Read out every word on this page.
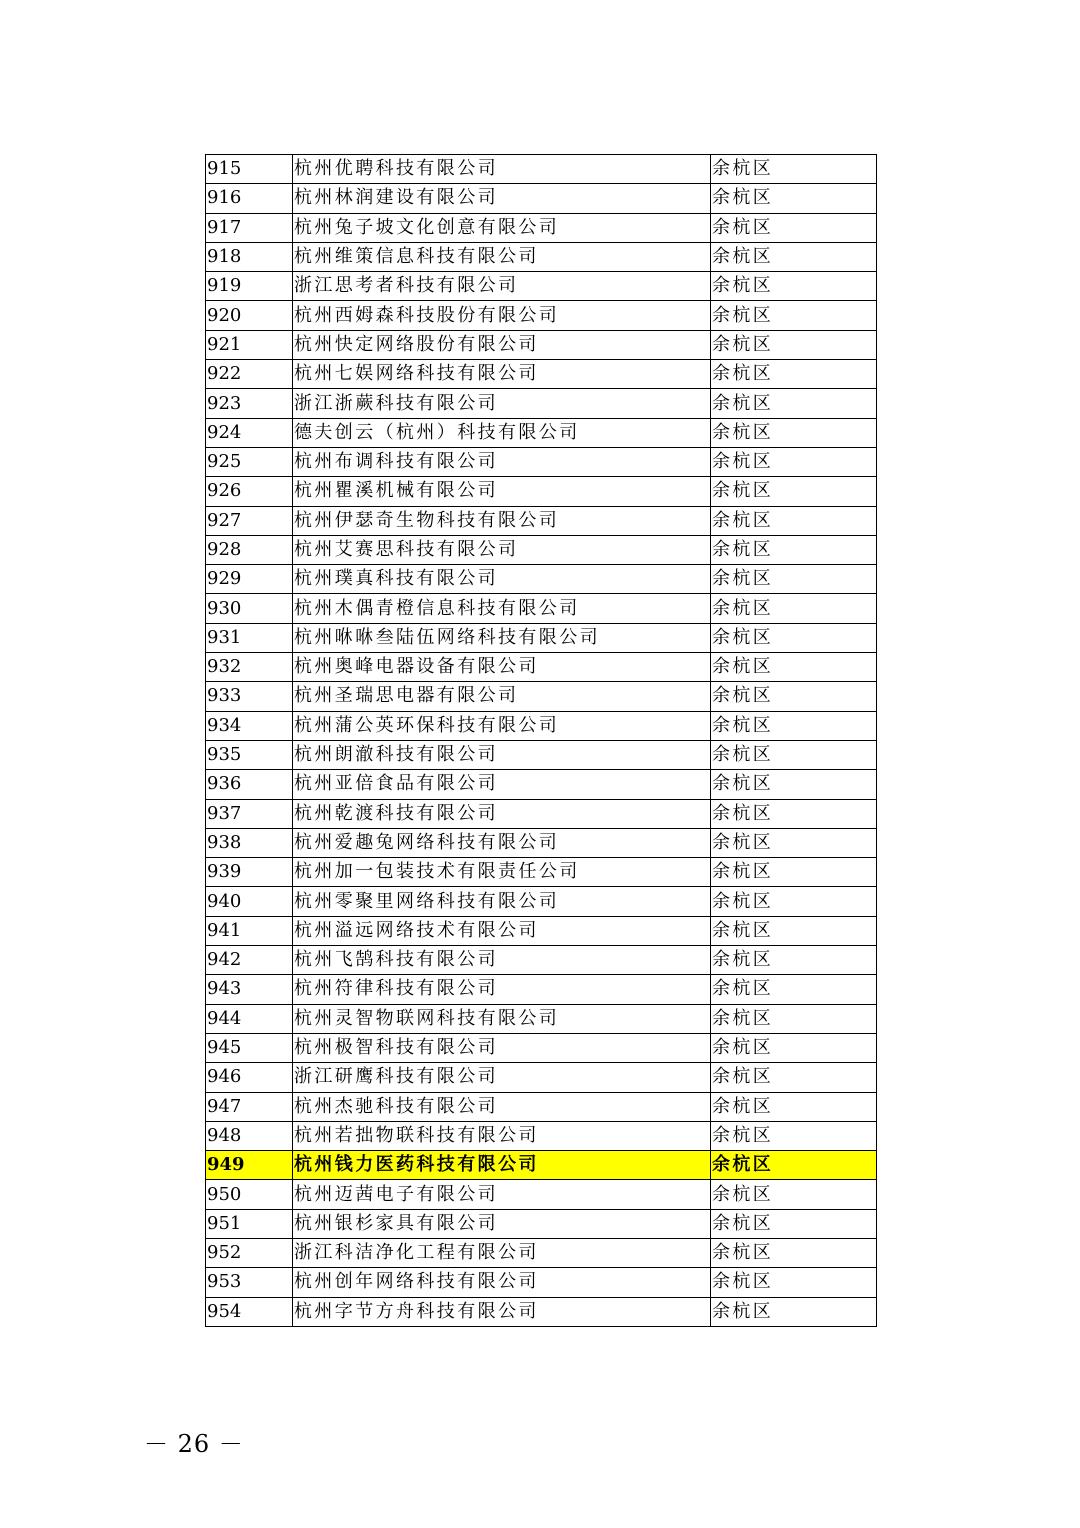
915	杭州优聘科技有限公司	余杭区
916	杭州林润建设有限公司	余杭区
917	杭州兔子坡文化创意有限公司	余杭区
918	杭州维策信息科技有限公司	余杭区
919	浙江思考者科技有限公司	余杭区
920	杭州西姆森科技股份有限公司	余杭区
921	杭州快定网络股份有限公司	余杭区
922	杭州七娱网络科技有限公司	余杭区
923	浙江浙蕨科技有限公司	余杭区
924	德夫创云（杭州）科技有限公司	余杭区
925	杭州布调科技有限公司	余杭区
926	杭州瞿溪机械有限公司	余杭区
927	杭州伊瑟奇生物科技有限公司	余杭区
928	杭州艾赛思科技有限公司	余杭区
929	杭州璞真科技有限公司	余杭区
930	杭州木偶青橙信息科技有限公司	余杭区
931	杭州咻咻叁陆伍网络科技有限公司	余杭区
932	杭州奥峰电器设备有限公司	余杭区
933	杭州圣瑞思电器有限公司	余杭区
934	杭州蒲公英环保科技有限公司	余杭区
935	杭州朗澈科技有限公司	余杭区
936	杭州亚倍食品有限公司	余杭区
937	杭州乾渡科技有限公司	余杭区
938	杭州爱趣兔网络科技有限公司	余杭区
939	杭州加一包装技术有限责任公司	余杭区
940	杭州零聚里网络科技有限公司	余杭区
941	杭州溢远网络技术有限公司	余杭区
942	杭州飞鹄科技有限公司	余杭区
943	杭州符律科技有限公司	余杭区
944	杭州灵智物联网科技有限公司	余杭区
945	杭州极智科技有限公司	余杭区
946	浙江研鹰科技有限公司	余杭区
947	杭州杰驰科技有限公司	余杭区
948	杭州若拙物联科技有限公司	余杭区
949	杭州钱力医药科技有限公司	余杭区
950	杭州迈茜电子有限公司	余杭区
951	杭州银杉家具有限公司	余杭区
952	浙江科洁净化工程有限公司	余杭区
953	杭州创年网络科技有限公司	余杭区
954	杭州字节方舟科技有限公司	余杭区
－ 26 －
